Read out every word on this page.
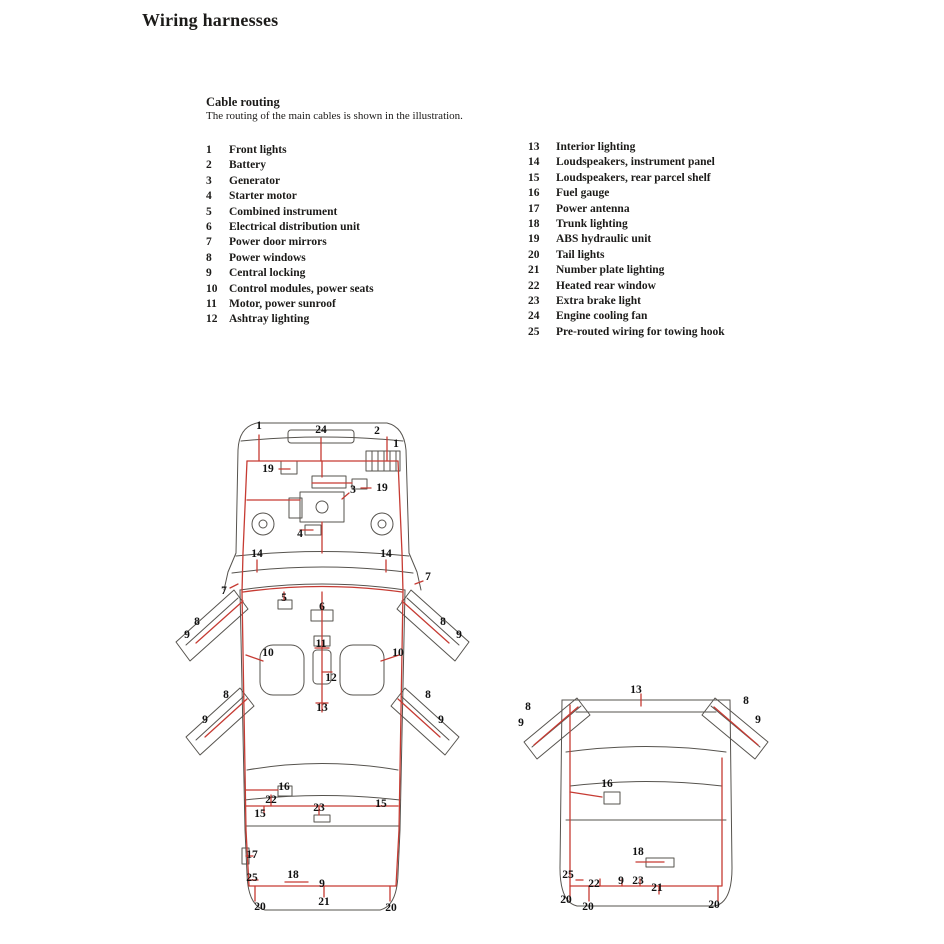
Wiring harnesses
Cable routing
The routing of the main cables is shown in the illustration.
1	Front lights
2	Battery
3	Generator
4	Starter motor
5	Combined instrument
6	Electrical distribution unit
7	Power door mirrors
8	Power windows
9	Central locking
10	Control modules, power seats
11	Motor, power sunroof
12	Ashtray lighting
13	Interior lighting
14	Loudspeakers, instrument panel
15	Loudspeakers, rear parcel shelf
16	Fuel gauge
17	Power antenna
18	Trunk lighting
19	ABS hydraulic unit
20	Tail lights
21	Number plate lighting
22	Heated rear window
23	Extra brake light
24	Engine cooling fan
25	Pre-routed wiring for towing hook
1	24	2
1
19
3 19
4
14	14
7
7
5
6
8
9
8
9
10
11
10
12
13
8
9
8
9
16
22
15	23	15
17
25	18
9
20	21	20
13
8
9
8
9
16
18
25
22 9 23
21
20
20	20
